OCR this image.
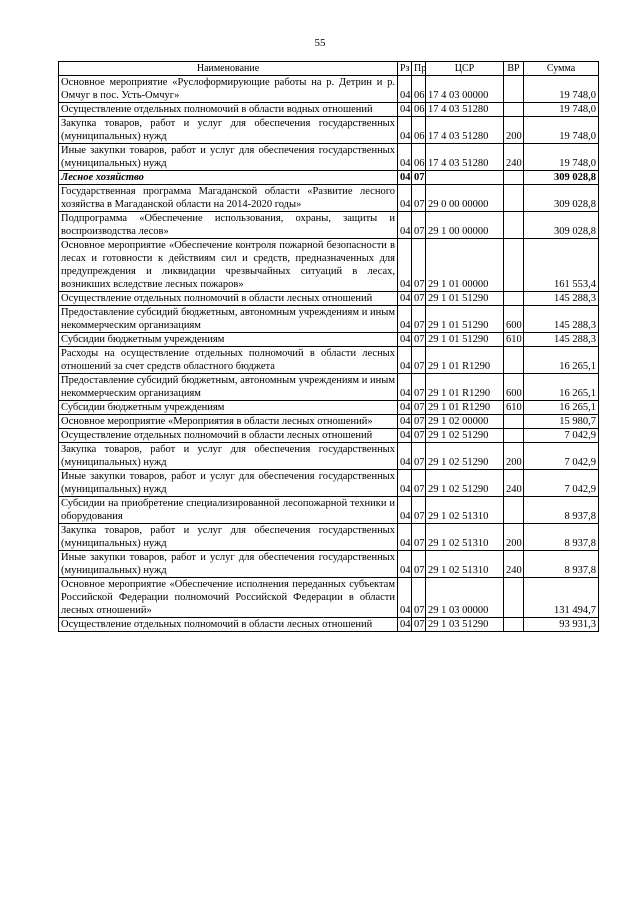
55
Наименование	Рз	Пр	ЦСР	ВР	Сумма
Основное мероприятие «Руслоформирующие работы на р. Детрин и р. Омчуг в пос. Усть-Омчуг»	04	06	17 4 03 00000		19 748,0
Осуществление отдельных полномочий в области водных отношений	04	06	17 4 03 51280		19 748,0
Закупка товаров, работ и услуг для обеспечения государственных (муниципальных) нужд	04	06	17 4 03 51280	200	19 748,0
Иные закупки товаров, работ и услуг для обеспечения государственных (муниципальных) нужд	04	06	17 4 03 51280	240	19 748,0
Лесное хозяйство	04	07			309 028,8
Государственная программа Магаданской области «Развитие лесного хозяйства в Магаданской области на 2014-2020 годы»	04	07	29 0 00 00000		309 028,8
Подпрограмма «Обеспечение использования, охраны, защиты и воспроизводства лесов»	04	07	29 1 00 00000		309 028,8
Основное мероприятие «Обеспечение контроля пожарной безопасности в лесах и готовности к действиям сил и средств, предназначенных для предупреждения и ликвидации чрезвычайных ситуаций в лесах, возникших вследствие лесных пожаров»	04	07	29 1 01 00000		161 553,4
Осуществление отдельных полномочий в области лесных отношений	04	07	29 1 01 51290		145 288,3
Предоставление субсидий бюджетным, автономным учреждениям и иным некоммерческим организациям	04	07	29 1 01 51290	600	145 288,3
Субсидии бюджетным учреждениям	04	07	29 1 01 51290	610	145 288,3
Расходы на осуществление отдельных полномочий в области лесных отношений за счет средств областного бюджета	04	07	29 1 01 R1290		16 265,1
Предоставление субсидий бюджетным, автономным учреждениям и иным некоммерческим организациям	04	07	29 1 01 R1290	600	16 265,1
Субсидии бюджетным учреждениям	04	07	29 1 01 R1290	610	16 265,1
Основное мероприятие «Мероприятия в области лесных отношений»	04	07	29 1 02 00000		15 980,7
Осуществление отдельных полномочий в области лесных отношений	04	07	29 1 02 51290		7 042,9
Закупка товаров, работ и услуг для обеспечения государственных (муниципальных) нужд	04	07	29 1 02 51290	200	7 042,9
Иные закупки товаров, работ и услуг для обеспечения государственных (муниципальных) нужд	04	07	29 1 02 51290	240	7 042,9
Субсидии на приобретение специализированной лесопожарной техники и оборудования	04	07	29 1 02 51310		8 937,8
Закупка товаров, работ и услуг для обеспечения государственных (муниципальных) нужд	04	07	29 1 02 51310	200	8 937,8
Иные закупки товаров, работ и услуг для обеспечения государственных (муниципальных) нужд	04	07	29 1 02 51310	240	8 937,8
Основное мероприятие «Обеспечение исполнения переданных субъектам Российской Федерации полномочий Российской Федерации в области лесных отношений»	04	07	29 1 03 00000		131 494,7
Осуществление отдельных полномочий в области лесных отношений	04	07	29 1 03 51290		93 931,3
